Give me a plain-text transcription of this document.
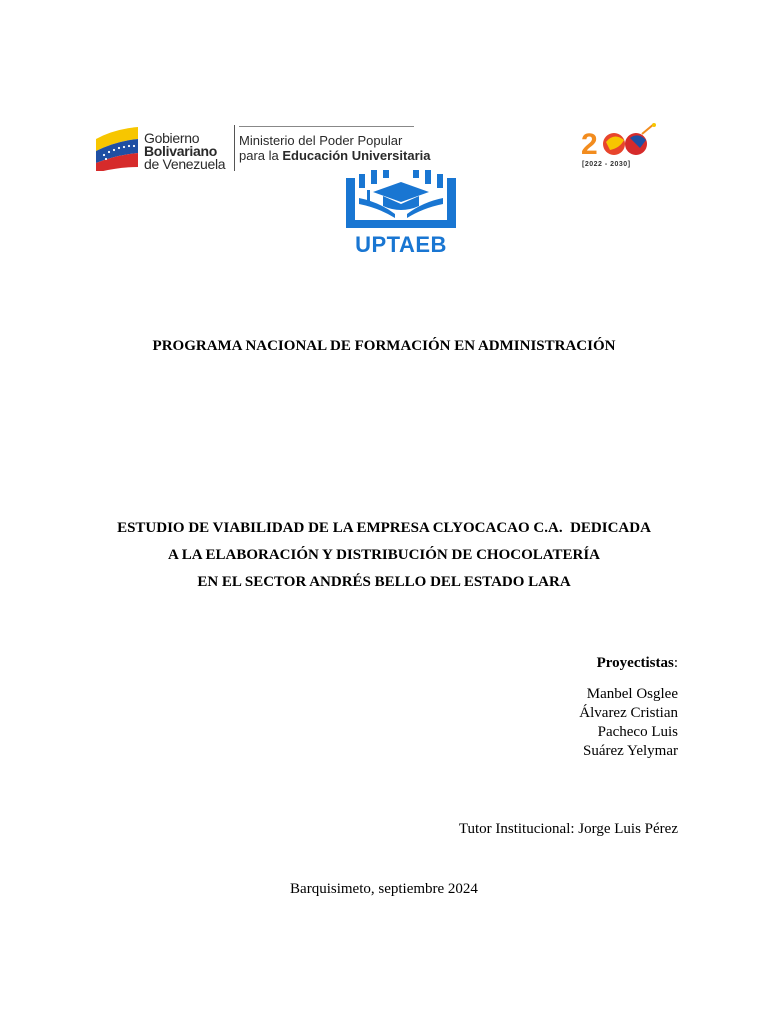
Gobierno
Bolivariano
de Venezuela
Ministerio del Poder Popular
para la Educación Universitaria	2
[2022 - 2030]
UPTAEB
PROGRAMA NACIONAL DE FORMACIÓN EN ADMINISTRACIÓN
ESTUDIO DE VIABILIDAD DE LA EMPRESA CLYOCACAO C.A.  DEDICADA
A LA ELABORACIÓN Y DISTRIBUCIÓN DE CHOCOLATERÍA
EN EL SECTOR ANDRÉS BELLO DEL ESTADO LARA
Proyectistas:
Manbel Osglee
Álvarez Cristian
Pacheco Luis
Suárez Yelymar
Tutor Institucional: Jorge Luis Pérez
Barquisimeto, septiembre 2024
